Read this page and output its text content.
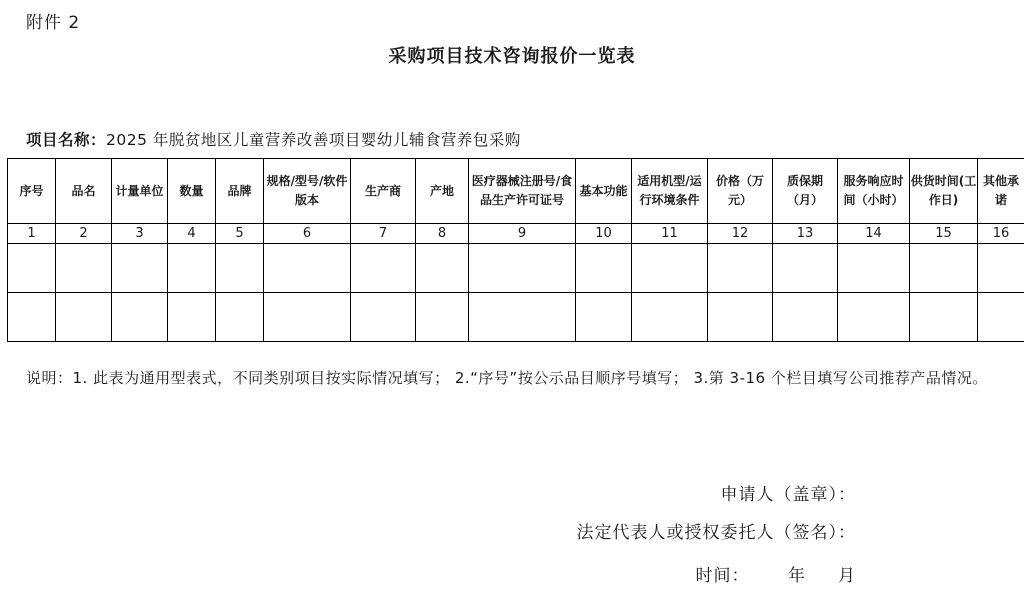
附件 2
采购项目技术咨询报价一览表
项目名称：2025 年脱贫地区儿童营养改善项目婴幼儿辅食营养包采购
序号	品名	计量单位	数量	品牌	规格/型号/软件版本	生产商	产地	医疗器械注册号/食品生产许可证号	基本功能	适用机型/运行环境条件	价格（万元）	质保期（月）	服务响应时间（小时）	供货时间(工作日)	其他承诺
1	2	3	4	5	6	7	8	9	10	11	12	13	14	15	16

说明：1. 此表为通用型表式，不同类别项目按实际情况填写； 2.“序号”按公示品目顺序号填写； 3.第 3-16 个栏目填写公司推荐产品情况。
申请人（盖章）：
法定代表人或授权委托人（签名）：
时间：      年     月
